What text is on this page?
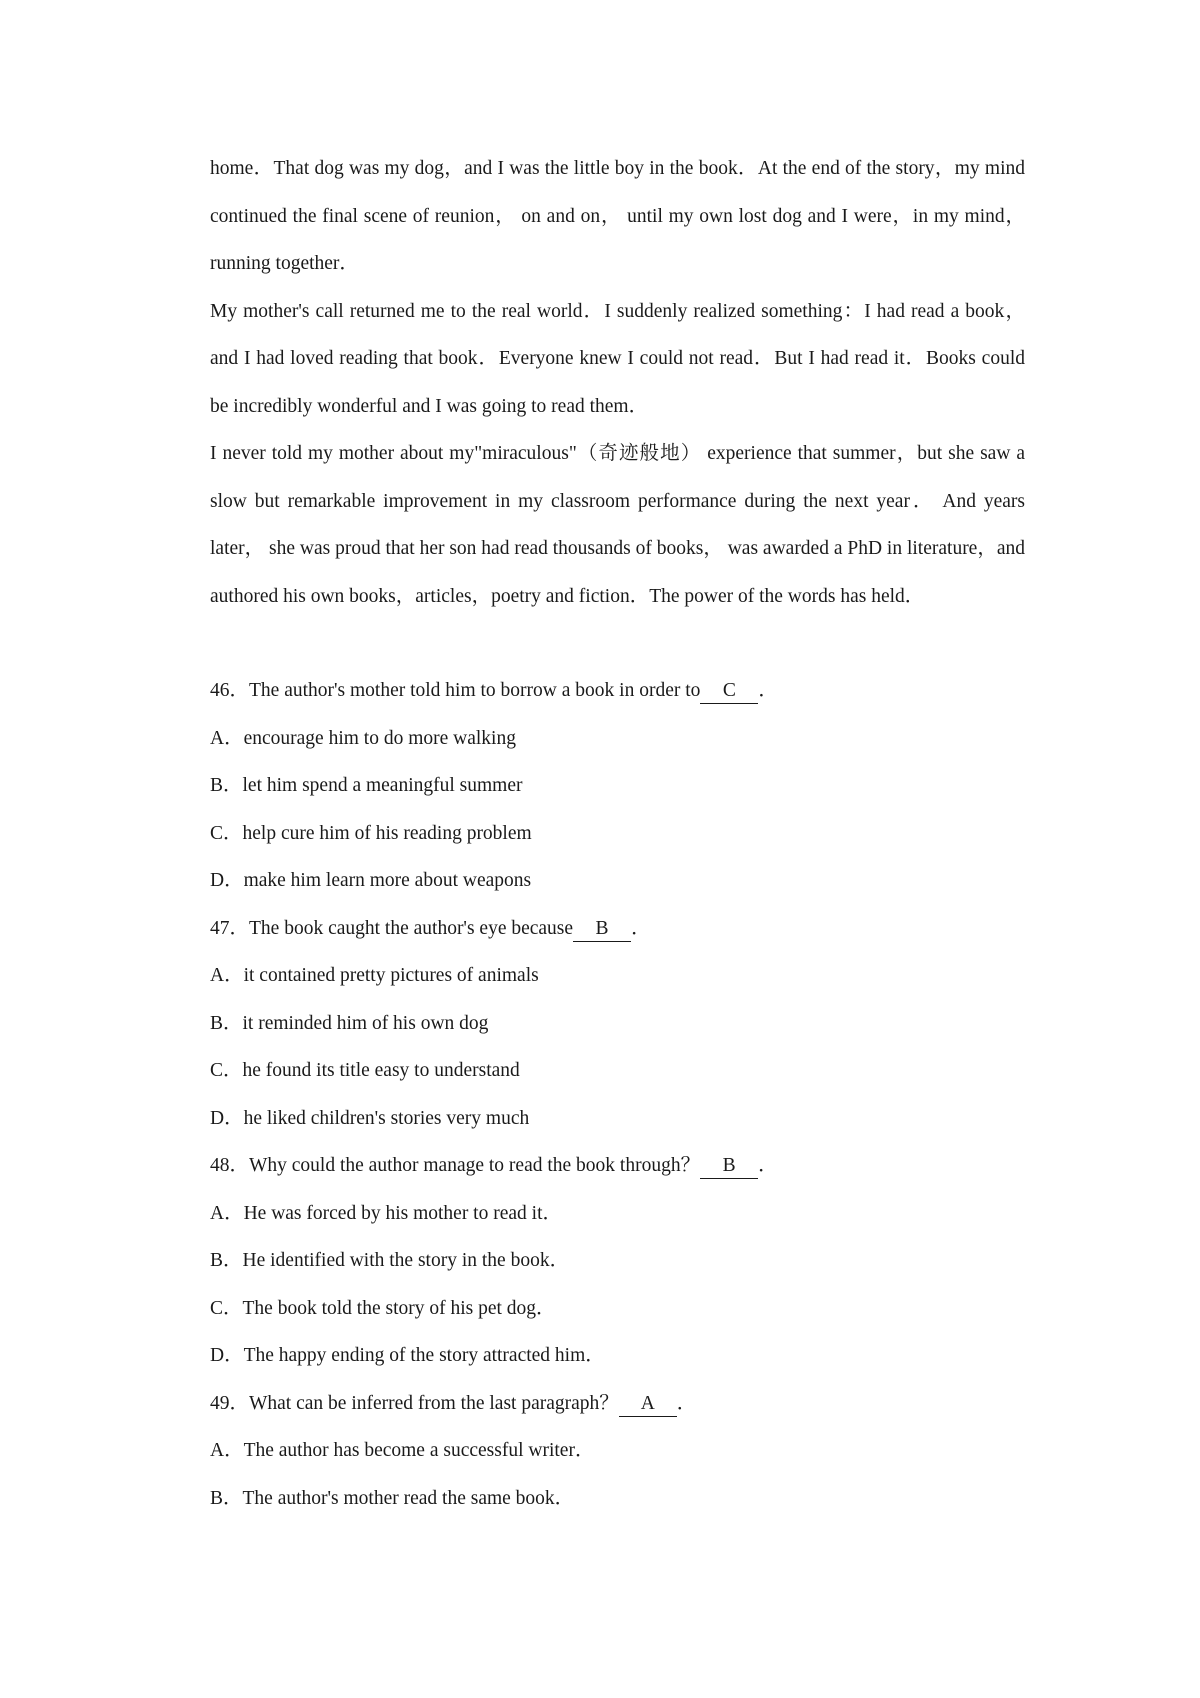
home．That dog was my dog，and I was the little boy in the book．At the end of the story，my mind continued the final scene of reunion， on and on， until my own lost dog and I were，in my mind，running together．

My mother's call returned me to the real world．I suddenly realized something：I had read a book，and I had loved reading that book．Everyone knew I could not read．But I had read it．Books could be incredibly wonderful and I was going to read them．

I never told my mother about my"miraculous"（奇迹般地） experience that summer，but she saw a slow but remarkable improvement in my classroom performance during the next year． And years later， she was proud that her son had read thousands of books， was awarded a PhD in literature，and authored his own books，articles，poetry and fiction．The power of the words has held．

46．The author's mother told him to borrow a book in order to C ．

A．encourage him to do more walking

B．let him spend a meaningful summer

C．help cure him of his reading problem

D．make him learn more about weapons

47．The book caught the author's eye because B ．

A．it contained pretty pictures of animals

B．it reminded him of his own dog

C．he found its title easy to understand

D．he liked children's stories very much

48．Why could the author manage to read the book through？ B ．

A．He was forced by his mother to read it．

B．He identified with the story in the book．

C．The book told the story of his pet dog．

D．The happy ending of the story attracted him．

49．What can be inferred from the last paragraph？ A ．

A．The author has become a successful writer．

B．The author's mother read the same book．
